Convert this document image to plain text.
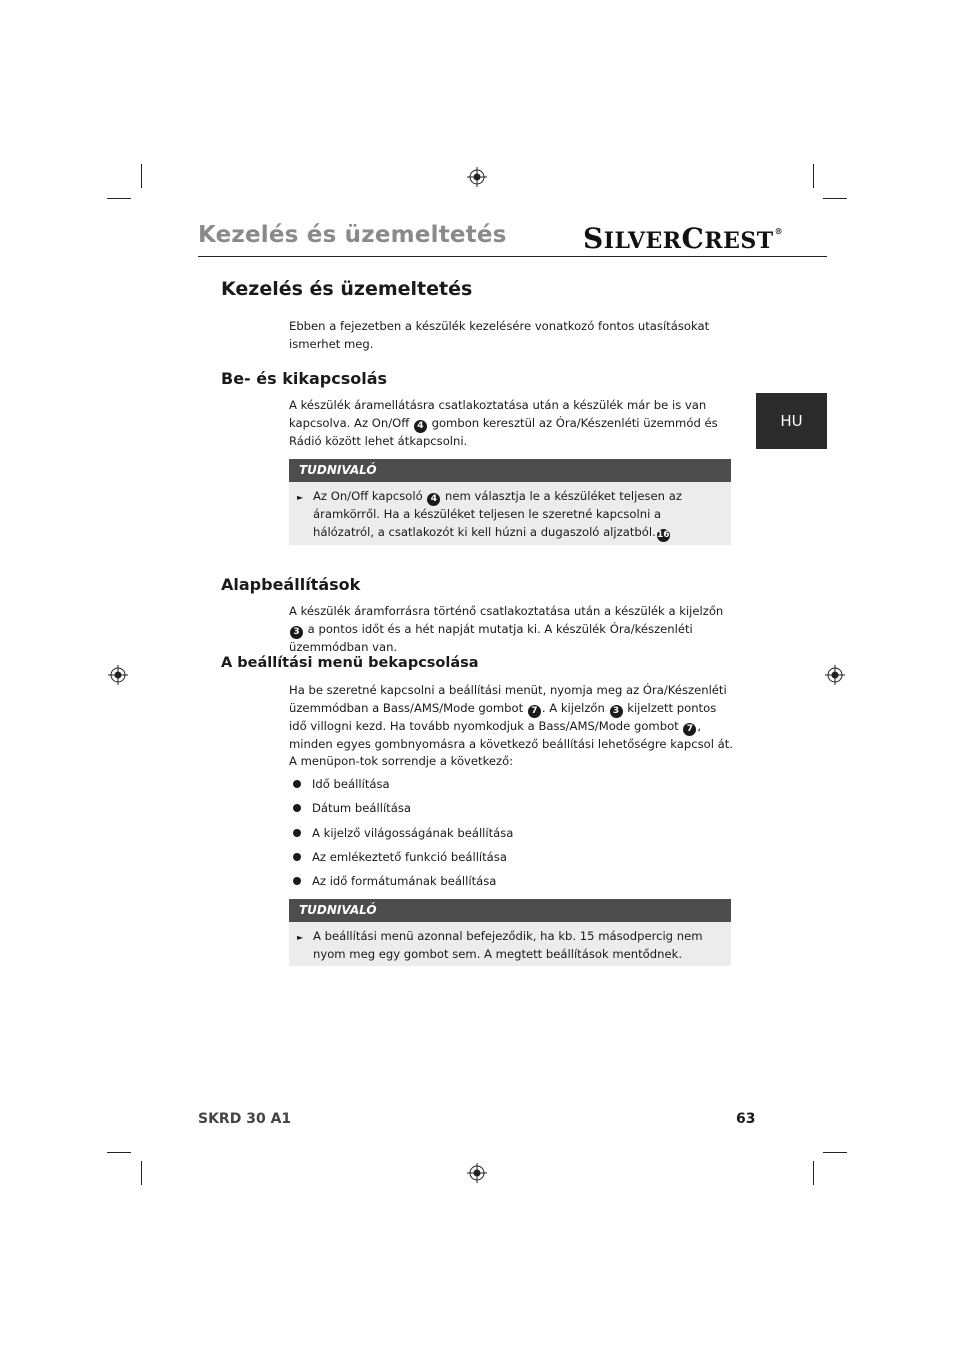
Kezelés és üzemeltetés	SILVERCREST®
HU
Kezelés és üzemeltetés
Ebben a fejezetben a készülék kezelésére vonatkozó fontos utasításokat ismerhet meg.
Be- és kikapcsolás
A készülék áramellátásra csatlakoztatása után a készülék már be is van kapcsolva. Az On/Off 4 gombon keresztül az Óra/Készenléti üzemmód és Rádió között lehet átkapcsolni.
TUDNIVALÓ
► Az On/Off kapcsoló 4 nem választja le a készüléket teljesen az áramkörről. Ha a készüléket teljesen le szeretné kapcsolni a hálózatról, a csatlakozót ki kell húzni a dugaszoló aljzatból.16
Alapbeállítások
A készülék áramforrásra történő csatlakoztatása után a készülék a kijelzőn 3 a pontos időt és a hét napját mutatja ki. A készülék Óra/készenléti üzemmódban van.
A beállítási menü bekapcsolása
Ha be szeretné kapcsolni a beállítási menüt, nyomja meg az Óra/Készenléti üzemmódban a Bass/AMS/Mode gombot 7 . A kijelzőn 3 kijelzett pontos idő villogni kezd. Ha tovább nyomkodjuk a Bass/AMS/Mode gombot 7 , minden egyes gombnyomásra a következő beállítási lehetőségre kapcsol át. A menüpon-tok sorrendje a következő:
Idő beállítása
Dátum beállítása
A kijelző világosságának beállítása
Az emlékeztető funkció beállítása
Az idő formátumának beállítása
TUDNIVALÓ
► A beállítási menü azonnal befejeződik, ha kb. 15 másodpercig nem nyom meg egy gombot sem. A megtett beállítások mentődnek.
SKRD 30 A1	63
